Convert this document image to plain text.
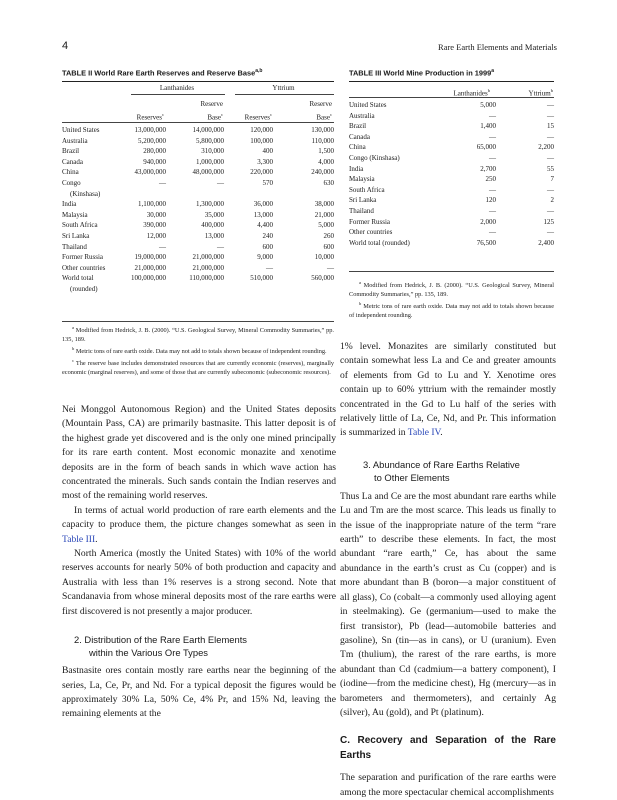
4	Rare Earth Elements and Materials
TABLE II World Rare Earth Reserves and Reserve Base$^{a,b}$
Lanthanides	Yttrium
Reserve	Reserve
Reserves$^c$	Base$^c$	Reserves$^c$	Base$^c$
United States	13,000,000	14,000,000	120,000	130,000
Australia	5,200,000	5,800,000	100,000	110,000
Brazil	280,000	310,000	400	1,500
Canada	940,000	1,000,000	3,300	4,000
China	43,000,000	48,000,000	220,000	240,000

Congo
(Kinshasa)	—	—	570	630
India	1,100,000	1,300,000	36,000	38,000
Malaysia	30,000	35,000	13,000	21,000
South Africa	390,000	400,000	4,400	5,000
Sri Lanka	12,000	13,000	240	260
Thailand	—	—	600	600
Former Russia	19,000,000	21,000,000	9,000	10,000
Other countries	21,000,000	21,000,000	—	—

World total
(rounded)	100,000,000	110,000,000	510,000	560,000

$^a$ Modified from Hedrick, J. B. (2000). “U.S. Geological Survey, Mineral Commodity Summaries,” pp. 135, 189.

$^b$ Metric tons of rare earth oxide. Data may not add to totals shown because of independent rounding.

$^c$ The reserve base includes demonstrated resources that are currently economic (reserves), marginally economic (marginal reserves), and some of those that are currently subeconomic (subeconomic resources).

TABLE III World Mine Production in 1999$^a$
Lanthanides$^b$	Yttrium$^b$
United States	5,000	—
Australia	—	—
Brazil	1,400	15
Canada	—	—
China	65,000	2,200
Congo (Kinshasa)	—	—
India	2,700	55
Malaysia	250	7
South Africa	—	—
Sri Lanka	120	2
Thailand	—	—
Former Russia	2,000	125
Other countries	—	—
World total (rounded)	76,500	2,400

$^a$ Modified from Hedrick, J. B. (2000). “U.S. Geological Survey, Mineral Commodity Summaries,” pp. 135, 189.

$^b$ Metric tons of rare earth oxide. Data may not add to totals shown because of independent rounding.

Nei Monggol Autonomous Region) and the United States deposits (Mountain Pass, CA) are primarily bastnasite. This latter deposit is of the highest grade yet discovered and is the only one mined principally for its rare earth content. Most economic monazite and xenotime deposits are in the form of beach sands in which wave action has concentrated the minerals. Such sands contain the Indian reserves and most of the remaining world reserves.

In terms of actual world production of rare earth elements and the capacity to produce them, the picture changes somewhat as seen in Table III.

North America (mostly the United States) with 10% of the world reserves accounts for nearly 50% of both production and capacity and Australia with less than 1% reserves is a strong second. Note that Scandanavia from whose mineral deposits most of the rare earths were first discovered is not presently a major producer.

2. Distribution of the Rare Earth Elements
within the Various Ore Types

Bastnasite ores contain mostly rare earths near the beginning of the series, La, Ce, Pr, and Nd. For a typical deposit the figures would be approximately 30% La, 50% Ce, 4% Pr, and 15% Nd, leaving the remaining elements at the

1% level. Monazites are similarly constituted but contain somewhat less La and Ce and greater amounts of elements from Gd to Lu and Y. Xenotime ores contain up to 60% yttrium with the remainder mostly concentrated in the Gd to Lu half of the series with relatively little of La, Ce, Nd, and Pr. This information is summarized in Table IV.

3. Abundance of Rare Earths Relative
to Other Elements

Thus La and Ce are the most abundant rare earths while Lu and Tm are the most scarce. This leads us finally to the issue of the inappropriate nature of the term “rare earth” to describe these elements. In fact, the most abundant “rare earth,” Ce, has about the same abundance in the earth’s crust as Cu (copper) and is more abundant than B (boron—a major constituent of all glass), Co (cobalt—a commonly used alloying agent in steelmaking). Ge (germanium—used to make the first transistor), Pb (lead—automobile batteries and gasoline), Sn (tin—as in cans), or U (uranium). Even Tm (thulium), the rarest of the rare earths, is more abundant than Cd (cadmium—a battery component), I (iodine—from the medicine chest), Hg (mercury—as in barometers and thermometers), and certainly Ag (silver), Au (gold), and Pt (platinum).

C. Recovery and Separation of the Rare Earths

The separation and purification of the rare earths were among the more spectacular chemical accomplishments
